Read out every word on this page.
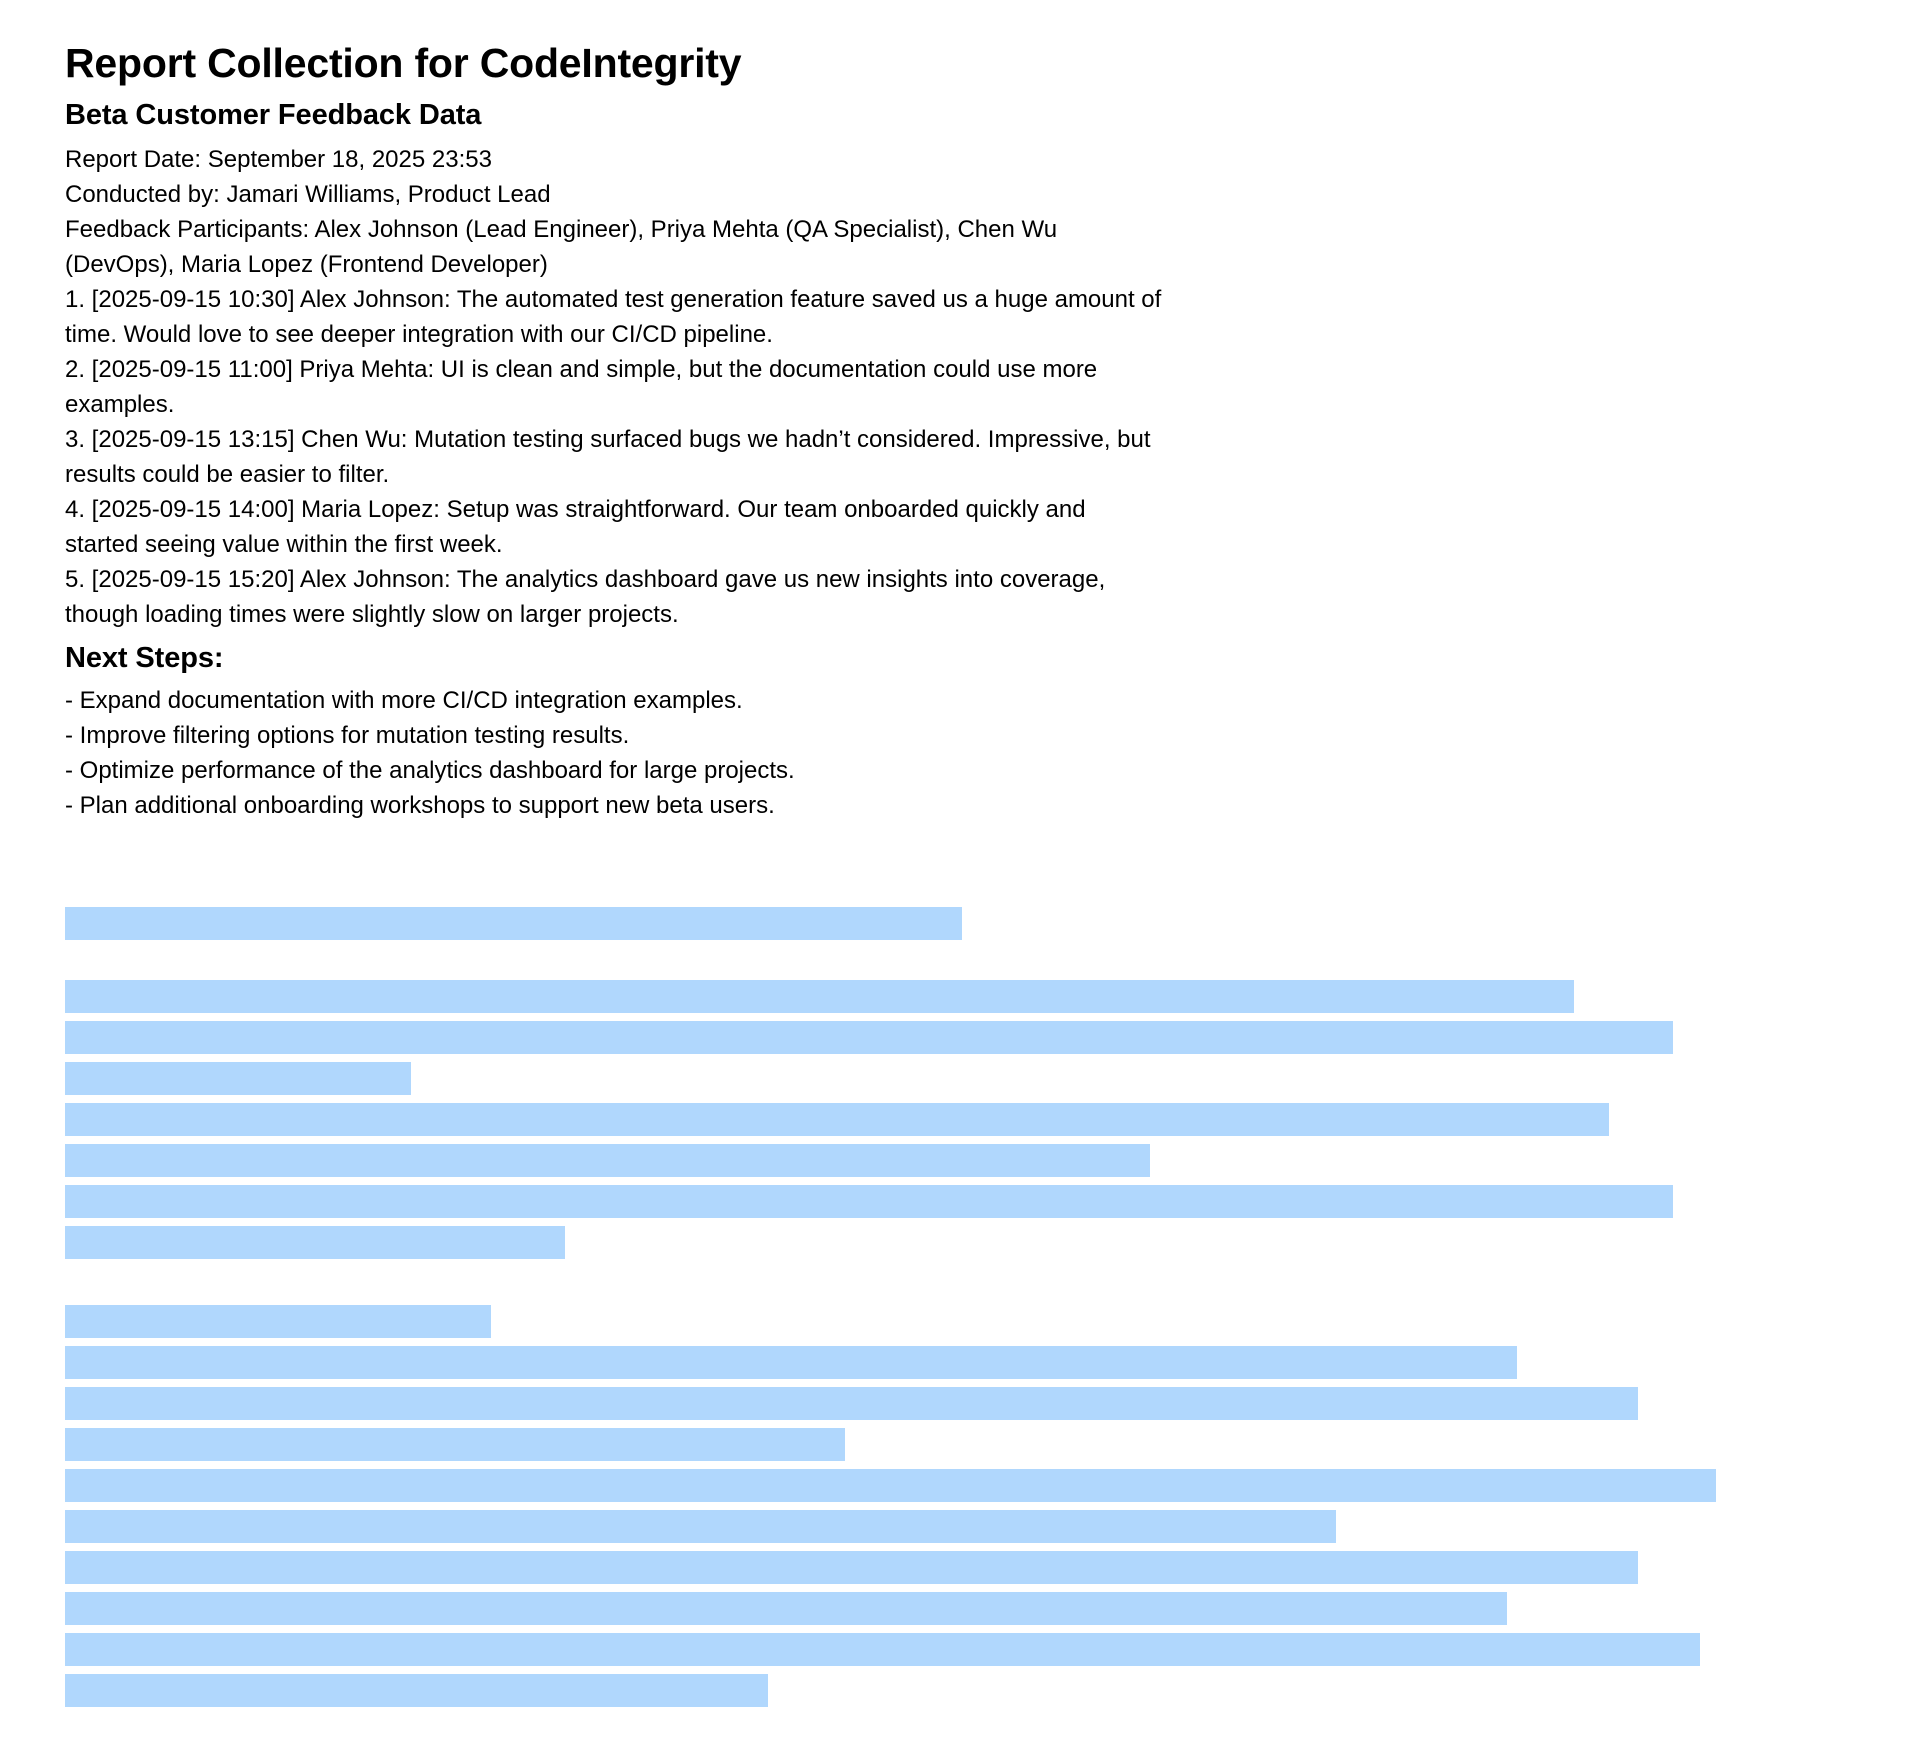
Report Collection for CodeIntegrity
Beta Customer Feedback Data

Report Date: September 18, 2025 23:53

Conducted by: Jamari Williams, Product Lead

Feedback Participants: Alex Johnson (Lead Engineer), Priya Mehta (QA Specialist), Chen Wu

(DevOps), Maria Lopez (Frontend Developer)

1. [2025-09-15 10:30] Alex Johnson: The automated test generation feature saved us a huge amount of

time. Would love to see deeper integration with our CI/CD pipeline.

2. [2025-09-15 11:00] Priya Mehta: UI is clean and simple, but the documentation could use more

examples.

3. [2025-09-15 13:15] Chen Wu: Mutation testing surfaced bugs we hadn’t considered. Impressive, but

results could be easier to filter.

4. [2025-09-15 14:00] Maria Lopez: Setup was straightforward. Our team onboarded quickly and

started seeing value within the first week.

5. [2025-09-15 15:20] Alex Johnson: The analytics dashboard gave us new insights into coverage,

though loading times were slightly slow on larger projects.

Next Steps:

- Expand documentation with more CI/CD integration examples.

- Improve filtering options for mutation testing results.

- Optimize performance of the analytics dashboard for large projects.

- Plan additional onboarding workshops to support new beta users.
